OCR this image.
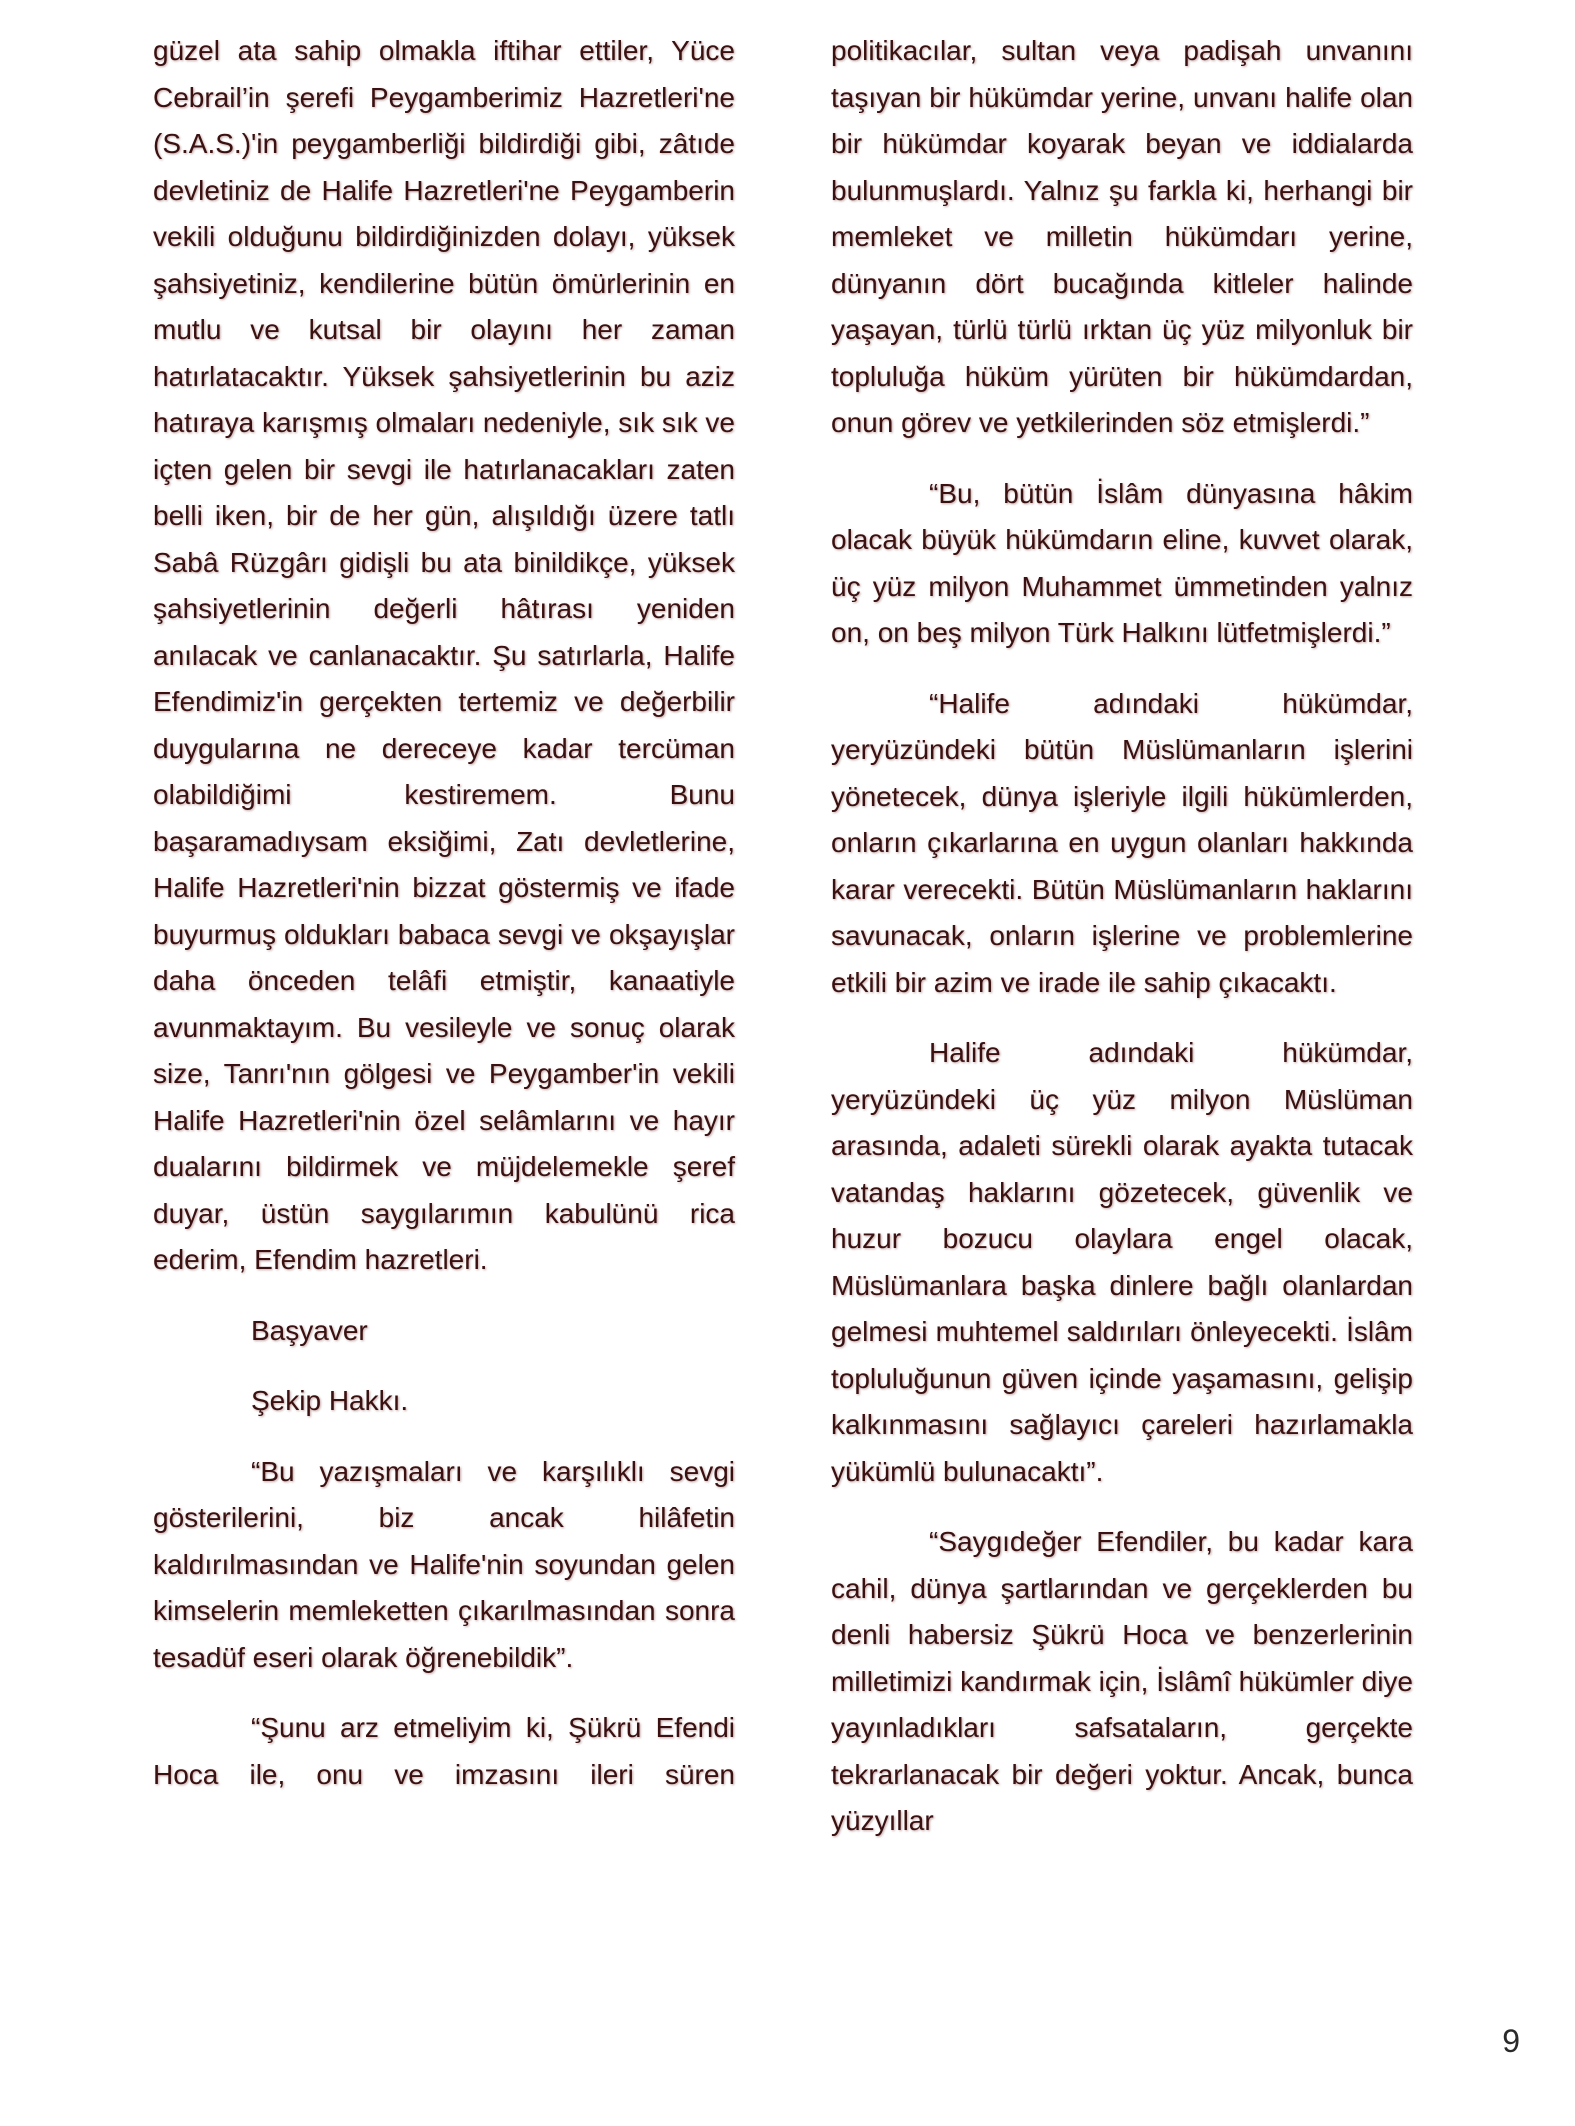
güzel ata sahip olmakla iftihar ettiler, Yüce Cebrail’in şerefi Peygamberimiz Hazretleri'ne (S.A.S.)'in peygamberliği bildirdiği gibi, zâtıde devletiniz de Halife Hazretleri'ne Peygamberin vekili olduğunu bildirdiğinizden dolayı, yüksek şahsiyetiniz, kendilerine bütün ömürlerinin en mutlu ve kutsal bir olayını her zaman hatırlatacaktır. Yüksek şahsiyetlerinin bu aziz hatıraya karışmış olmaları nedeniyle, sık sık ve içten gelen bir sevgi ile hatırlanacakları zaten belli iken, bir de her gün, alışıldığı üzere tatlı Sabâ Rüzgârı gidişli bu ata binildikçe, yüksek şahsiyetlerinin değerli hâtırası yeniden anılacak ve canlanacaktır. Şu satırlarla, Halife Efendimiz'in gerçekten tertemiz ve değerbilir duygularına ne dereceye kadar tercüman olabildiğimi kestiremem. Bunu başaramadıysam eksiğimi, Zatı devletlerine, Halife Hazretleri'nin bizzat göstermiş ve ifade buyurmuş oldukları babaca sevgi ve okşayışlar daha önceden telâfi etmiştir, kanaatiyle avunmaktayım. Bu vesileyle ve sonuç olarak size, Tanrı'nın gölgesi ve Peygamber'in vekili Halife Hazretleri'nin özel selâmlarını ve hayır dualarını bildirmek ve müjdelemekle şeref duyar, üstün saygılarımın kabulünü rica ederim, Efendim hazretleri.

Başyaver

Şekip Hakkı.

“Bu yazışmaları ve karşılıklı sevgi gösterilerini, biz ancak hilâfetin kaldırılmasından ve Halife'nin soyundan gelen kimselerin memleketten çıkarılmasından sonra tesadüf eseri olarak öğrenebildik”.

“Şunu arz etmeliyim ki, Şükrü Efendi Hoca ile, onu ve imzasını ileri süren

politikacılar, sultan veya padişah unvanını taşıyan bir hükümdar yerine, unvanı halife olan bir hükümdar koyarak beyan ve iddialarda bulunmuşlardı. Yalnız şu farkla ki, herhangi bir memleket ve milletin hükümdarı yerine, dünyanın dört bucağında kitleler halinde yaşayan, türlü türlü ırktan üç yüz milyonluk bir topluluğa hüküm yürüten bir hükümdardan, onun görev ve yetkilerinden söz etmişlerdi.”

“Bu, bütün İslâm dünyasına hâkim olacak büyük hükümdarın eline, kuvvet olarak, üç yüz milyon Muhammet ümmetinden yalnız on, on beş milyon Türk Halkını lütfetmişlerdi.”

“Halife adındaki hükümdar, yeryüzündeki bütün Müslümanların işlerini yönetecek, dünya işleriyle ilgili hükümlerden, onların çıkarlarına en uygun olanları hakkında karar verecekti. Bütün Müslümanların haklarını savunacak, onların işlerine ve problemlerine etkili bir azim ve irade ile sahip çıkacaktı.

Halife adındaki hükümdar, yeryüzündeki üç yüz milyon Müslüman arasında, adaleti sürekli olarak ayakta tutacak vatandaş haklarını gözetecek, güvenlik ve huzur bozucu olaylara engel olacak, Müslümanlara başka dinlere bağlı olanlardan gelmesi muhtemel saldırıları önleyecekti. İslâm topluluğunun güven içinde yaşamasını, gelişip kalkınmasını sağlayıcı çareleri hazırlamakla yükümlü bulunacaktı”.

“Saygıdeğer Efendiler, bu kadar kara cahil, dünya şartlarından ve gerçeklerden bu denli habersiz Şükrü Hoca ve benzerlerinin milletimizi kandırmak için, İslâmî hükümler diye yayınladıkları safsataların, gerçekte tekrarlanacak bir değeri yoktur. Ancak, bunca yüzyıllar

9
